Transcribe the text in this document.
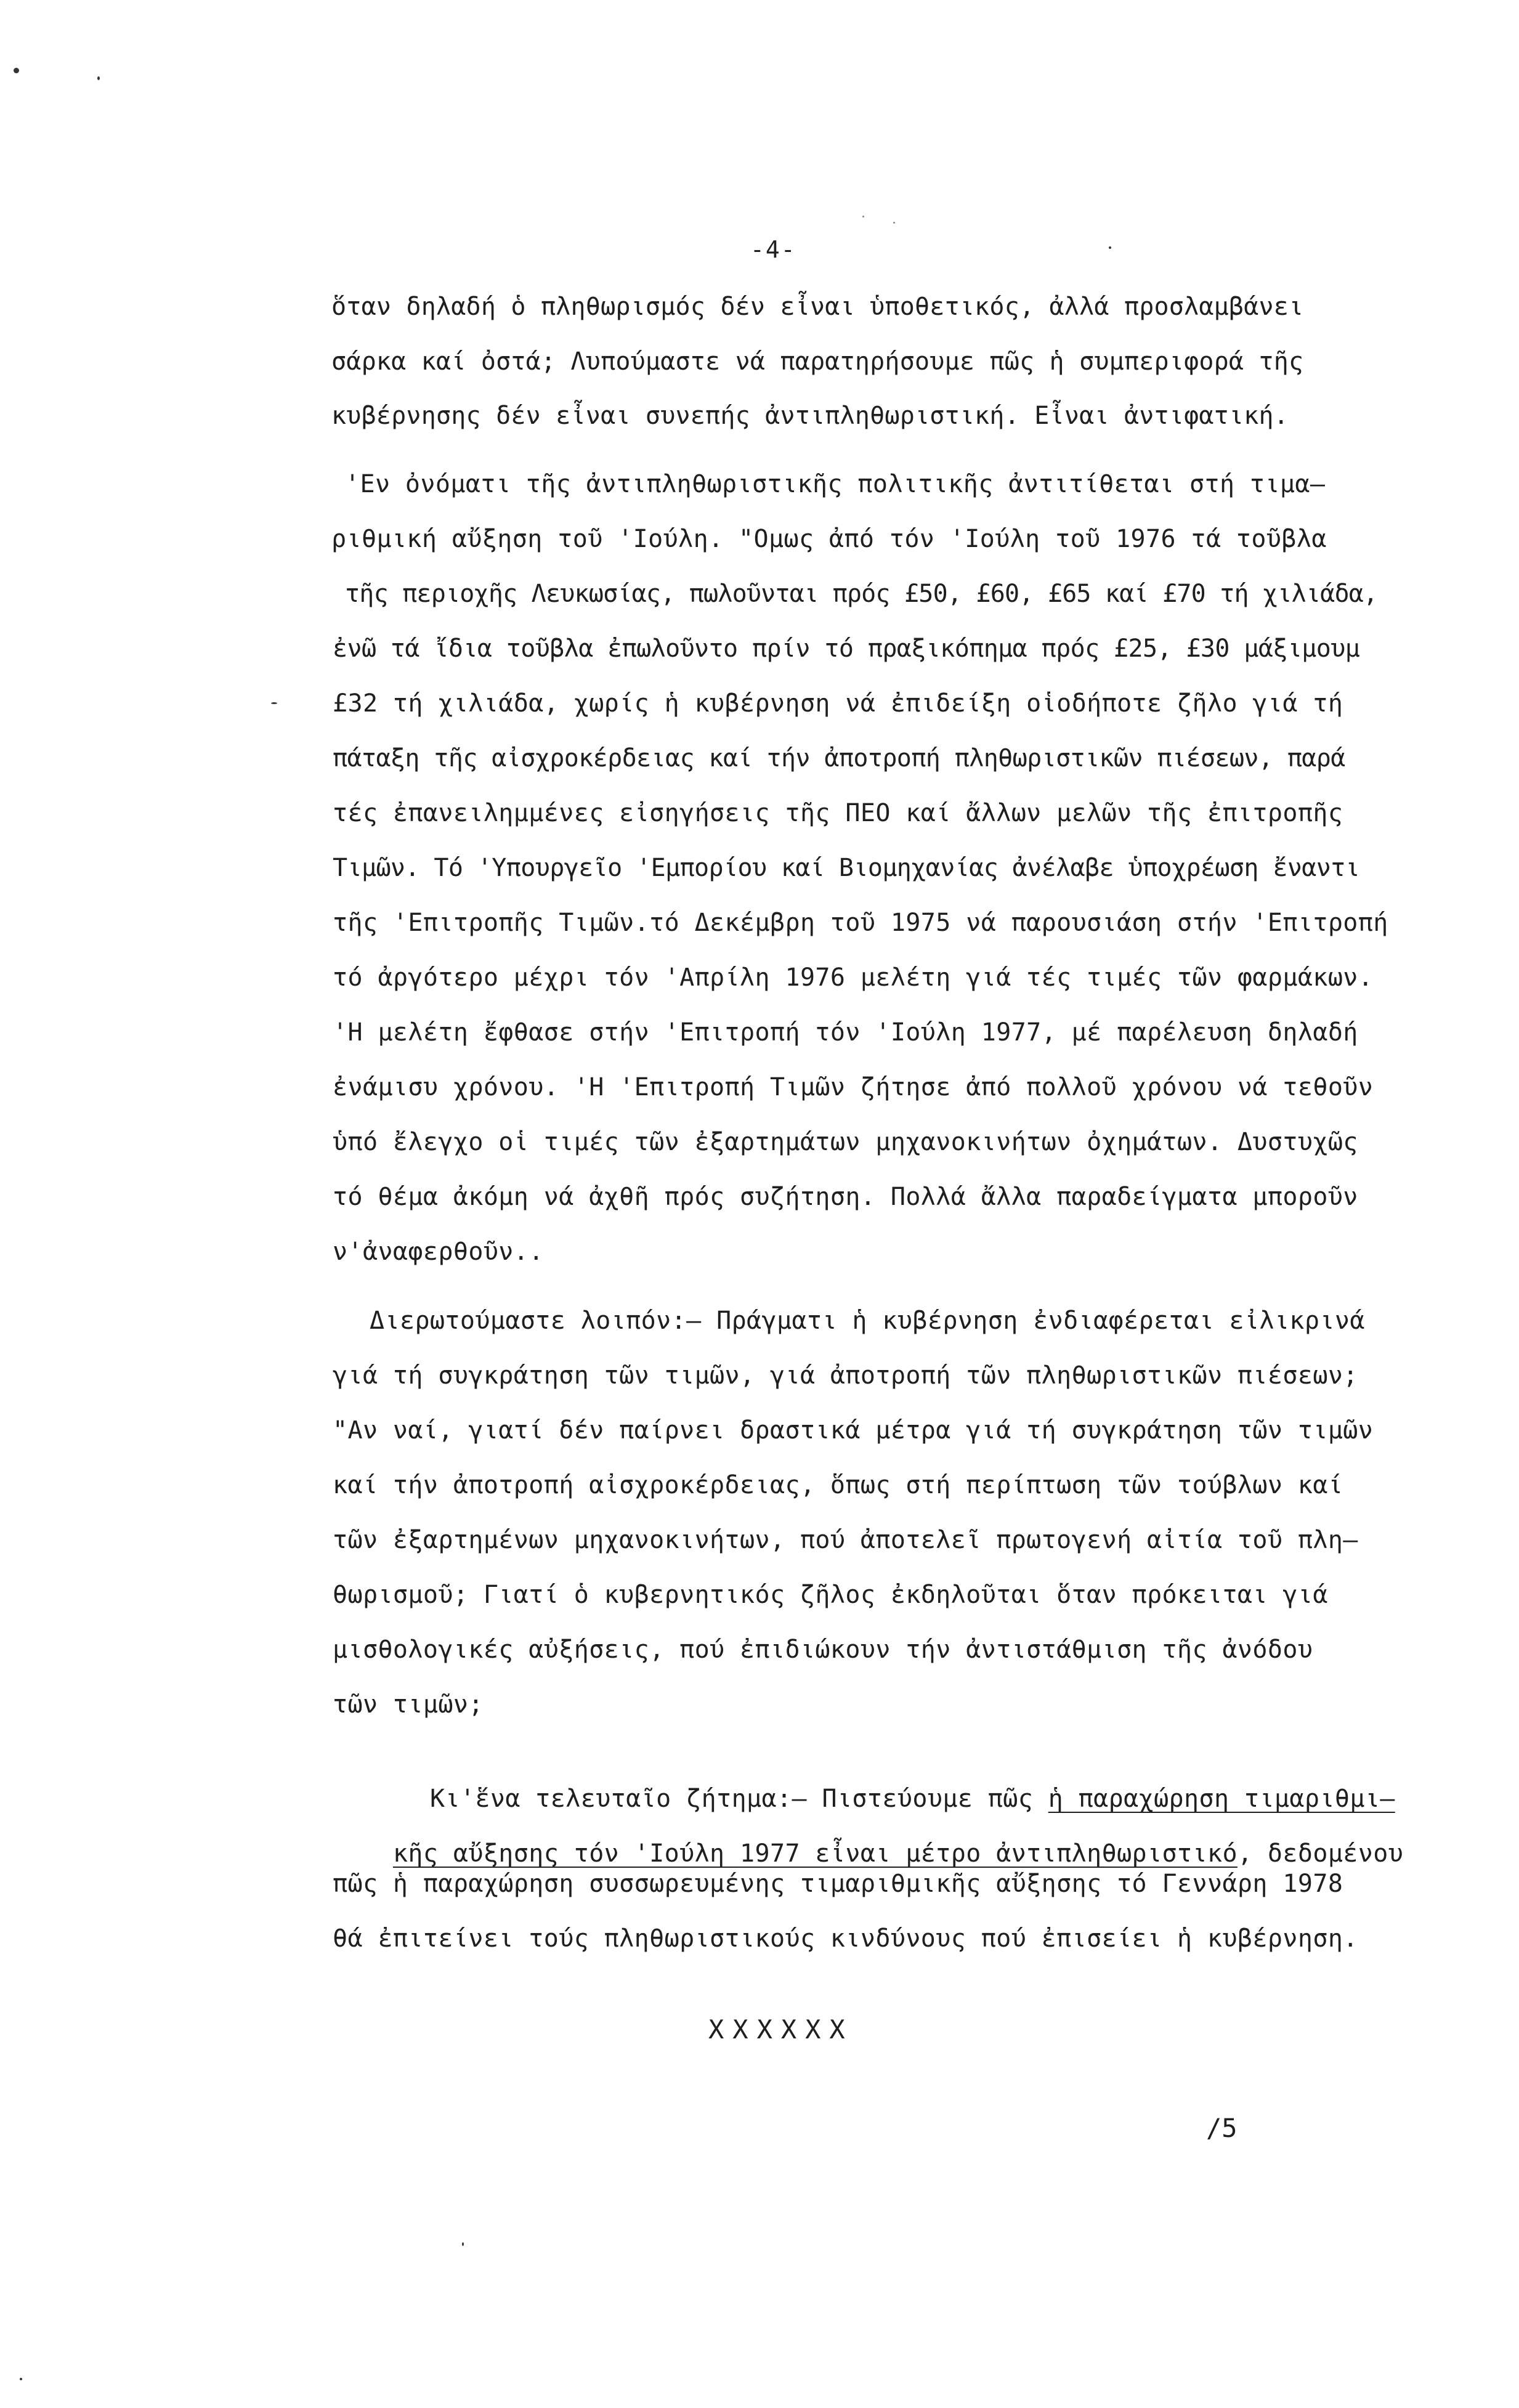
-4-
ὅταν δηλαδή ὁ πληθωρισμός δέν εἶναι ὑποθετικός, ἀλλά προσλαμβάνει
σάρκα καί ὀστά; Λυπούμαστε νά παρατηρήσουμε πῶς ἡ συμπεριφορά τῆς
κυβέρνησης δέν εἶναι συνεπής ἀντιπληθωριστική. Εἶναι ἀντιφατική.
'Εν ὀνόματι τῆς ἀντιπληθωριστικῆς πολιτικῆς ἀντιτίθεται στή τιμα–
ριθμική αὔξηση τοῦ 'Ιούλη. "Ομως ἀπό τόν 'Ιούλη τοῦ 1976 τά τοῦβλα
τῆς περιοχῆς Λευκωσίας, πωλοῦνται πρός £50, £60, £65 καί £70 τή χιλιάδα,
ἐνῶ τά ἴδια τοῦβλα ἐπωλοῦντο πρίν τό πραξικόπημα πρός £25, £30 μάξιμουμ
£32 τή χιλιάδα, χωρίς ἡ κυβέρνηση νά ἐπιδείξη οἱοδήποτε ζῆλο γιά τή
πάταξη τῆς αἰσχροκέρδειας καί τήν ἀποτροπή πληθωριστικῶν πιέσεων, παρά
τές ἐπανειλημμένες εἰσηγήσεις τῆς ΠΕΟ καί ἄλλων μελῶν τῆς ἐπιτροπῆς
Τιμῶν. Τό 'Υπουργεῖο 'Εμπορίου καί Βιομηχανίας ἀνέλαβε ὑποχρέωση ἔναντι
τῆς 'Επιτροπῆς Τιμῶν.τό Δεκέμβρη τοῦ 1975 νά παρουσιάση στήν 'Επιτροπή
τό ἀργότερο μέχρι τόν 'Απρίλη 1976 μελέτη γιά τές τιμές τῶν φαρμάκων.
'Η μελέτη ἔφθασε στήν 'Επιτροπή τόν 'Ιούλη 1977, μέ παρέλευση δηλαδή
ἐνάμισυ χρόνου. 'Η 'Επιτροπή Τιμῶν ζήτησε ἀπό πολλοῦ χρόνου νά τεθοῦν
ὑπό ἔλεγχο οἱ τιμές τῶν ἐξαρτημάτων μηχανοκινήτων ὀχημάτων. Δυστυχῶς
τό θέμα ἀκόμη νά ἀχθῆ πρός συζήτηση. Πολλά ἄλλα παραδείγματα μποροῦν
ν'ἀναφερθοῦν..
Διερωτούμαστε λοιπόν:– Πράγματι ἡ κυβέρνηση ἐνδιαφέρεται εἰλικρινά
γιά τή συγκράτηση τῶν τιμῶν, γιά ἀποτροπή τῶν πληθωριστικῶν πιέσεων;
"Αν ναί, γιατί δέν παίρνει δραστικά μέτρα γιά τή συγκράτηση τῶν τιμῶν
καί τήν ἀποτροπή αἰσχροκέρδειας, ὅπως στή περίπτωση τῶν τούβλων καί
τῶν ἐξαρτημένων μηχανοκινήτων, πού ἀποτελεῖ πρωτογενή αἰτία τοῦ πλη–
θωρισμοῦ; Γιατί ὁ κυβερνητικός ζῆλος ἐκδηλοῦται ὅταν πρόκειται γιά
μισθολογικές αὐξήσεις, πού ἐπιδιώκουν τήν ἀντιστάθμιση τῆς ἀνόδου
τῶν τιμῶν;

Κι'ἕνα τελευταῖο ζήτημα:– Πιστεύουμε πῶς ἡ παραχώρηση τιμαριθμι–

κῆς αὔξησης τόν 'Ιούλη 1977 εἶναι μέτρο ἀντιπληθωριστικό, δεδομένου

πῶς ἡ παραχώρηση συσσωρευμένης τιμαριθμικῆς αὔξησης τό Γεννάρη 1978
θά ἐπιτείνει τούς πληθωριστικούς κινδύνους πού ἐπισείει ἡ κυβέρνηση.
XXXXXX
/5
